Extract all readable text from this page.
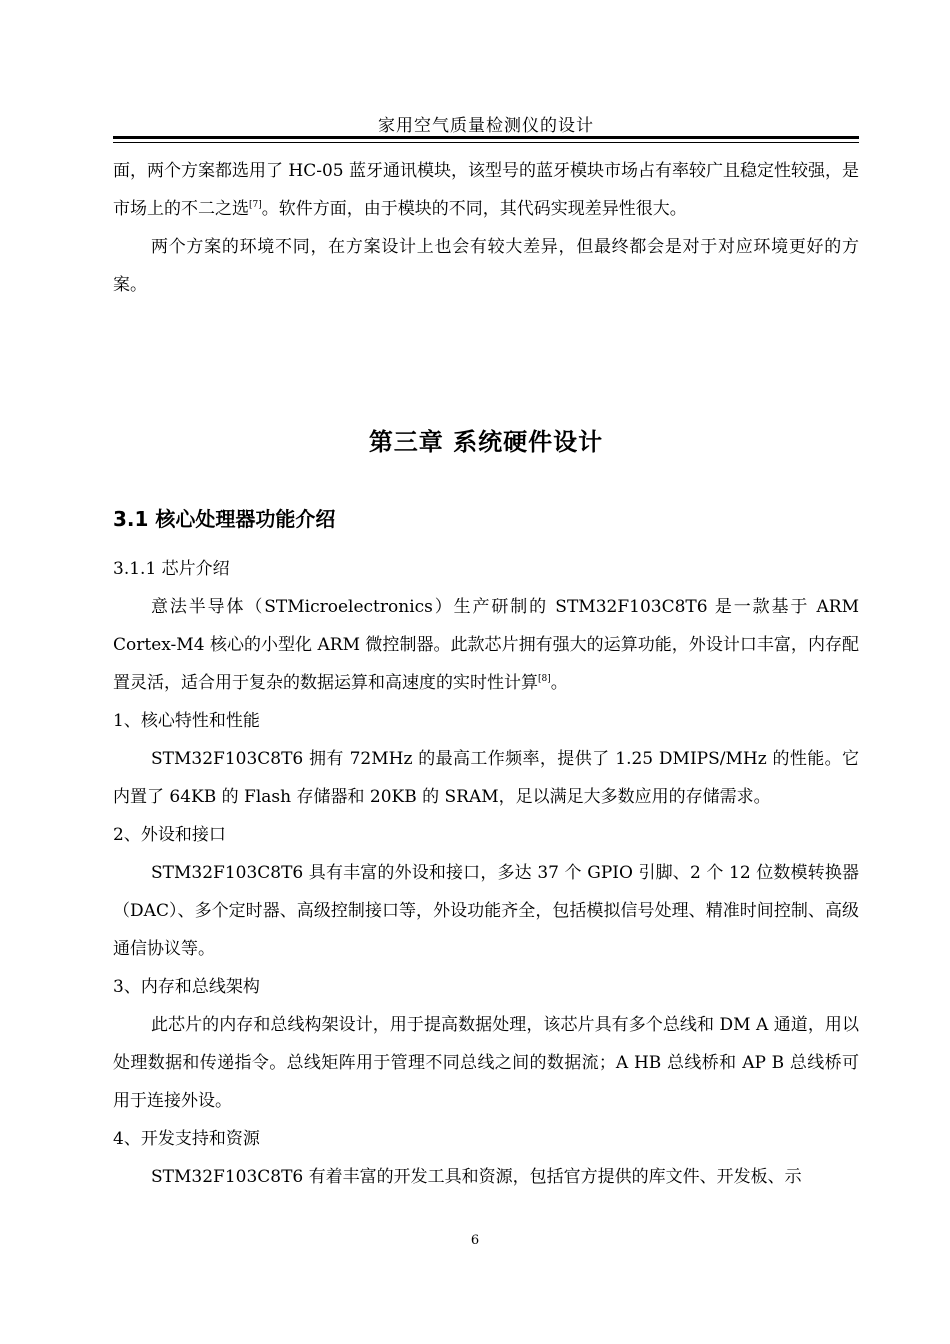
家用空气质量检测仪的设计

面，两个方案都选用了 HC-05 蓝牙通讯模块，该型号的蓝牙模块市场占有率较广且稳定性较强，是市场上的不二之选[7]。软件方面，由于模块的不同，其代码实现差异性很大。

两个方案的环境不同，在方案设计上也会有较大差异，但最终都会是对于对应环境更好的方案。

第三章 系统硬件设计
3.1 核心处理器功能介绍
3.1.1 芯片介绍

意法半导体（STMicroelectronics）生产研制的 STM32F103C8T6 是一款基于 ARM Cortex-M4 核心的小型化 ARM 微控制器。此款芯片拥有强大的运算功能，外设计口丰富，内存配置灵活，适合用于复杂的数据运算和高速度的实时性计算[8]。

1、核心特性和性能

STM32F103C8T6 拥有 72MHz 的最高工作频率，提供了 1.25 DMIPS/MHz 的性能。它内置了 64KB 的 Flash 存储器和 20KB 的 SRAM，足以满足大多数应用的存储需求。

2、外设和接口

STM32F103C8T6 具有丰富的外设和接口，多达 37 个 GPIO 引脚、2 个 12 位数模转换器（DAC）、多个定时器、高级控制接口等，外设功能齐全，包括模拟信号处理、精准时间控制、高级通信协议等。

3、内存和总线架构

此芯片的内存和总线构架设计，用于提高数据处理，该芯片具有多个总线和 DM A 通道，用以处理数据和传递指令。总线矩阵用于管理不同总线之间的数据流；A HB 总线桥和 AP B 总线桥可用于连接外设。

4、开发支持和资源

STM32F103C8T6 有着丰富的开发工具和资源，包括官方提供的库文件、开发板、示

6
